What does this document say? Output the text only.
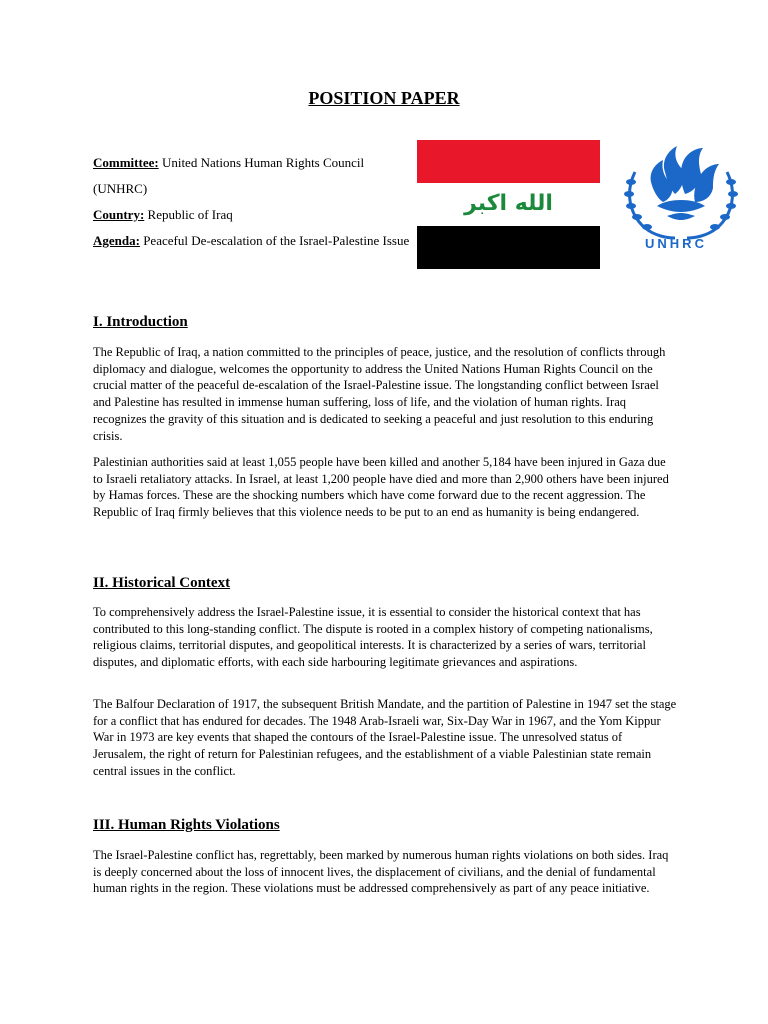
POSITION PAPER
Committee: United Nations Human Rights Council (UNHRC)
Country: Republic of Iraq
Agenda: Peaceful De-escalation of the Israel-Palestine Issue
الله اكبر
UNHRC
I. Introduction

The Republic of Iraq, a nation committed to the principles of peace, justice, and the resolution of conflicts through diplomacy and dialogue, welcomes the opportunity to address the United Nations Human Rights Council on the crucial matter of the peaceful de-escalation of the Israel-Palestine issue. The longstanding conflict between Israel and Palestine has resulted in immense human suffering, loss of life, and the violation of human rights. Iraq recognizes the gravity of this situation and is dedicated to seeking a peaceful and just resolution to this enduring crisis.

Palestinian authorities said at least 1,055 people have been killed and another 5,184 have been injured in Gaza due to Israeli retaliatory attacks. In Israel, at least 1,200 people have died and more than 2,900 others have been injured by Hamas forces. These are the shocking numbers which have come forward due to the recent aggression. The Republic of Iraq firmly believes that this violence needs to be put to an end as humanity is being endangered.

II. Historical Context

To comprehensively address the Israel-Palestine issue, it is essential to consider the historical context that has contributed to this long-standing conflict. The dispute is rooted in a complex history of competing nationalisms, religious claims, territorial disputes, and geopolitical interests. It is characterized by a series of wars, territorial disputes, and diplomatic efforts, with each side harbouring legitimate grievances and aspirations.

The Balfour Declaration of 1917, the subsequent British Mandate, and the partition of Palestine in 1947 set the stage for a conflict that has endured for decades. The 1948 Arab-Israeli war, Six-Day War in 1967, and the Yom Kippur War in 1973 are key events that shaped the contours of the Israel-Palestine issue. The unresolved status of Jerusalem, the right of return for Palestinian refugees, and the establishment of a viable Palestinian state remain central issues in the conflict.

III. Human Rights Violations

The Israel-Palestine conflict has, regrettably, been marked by numerous human rights violations on both sides. Iraq is deeply concerned about the loss of innocent lives, the displacement of civilians, and the denial of fundamental human rights in the region. These violations must be addressed comprehensively as part of any peace initiative.
